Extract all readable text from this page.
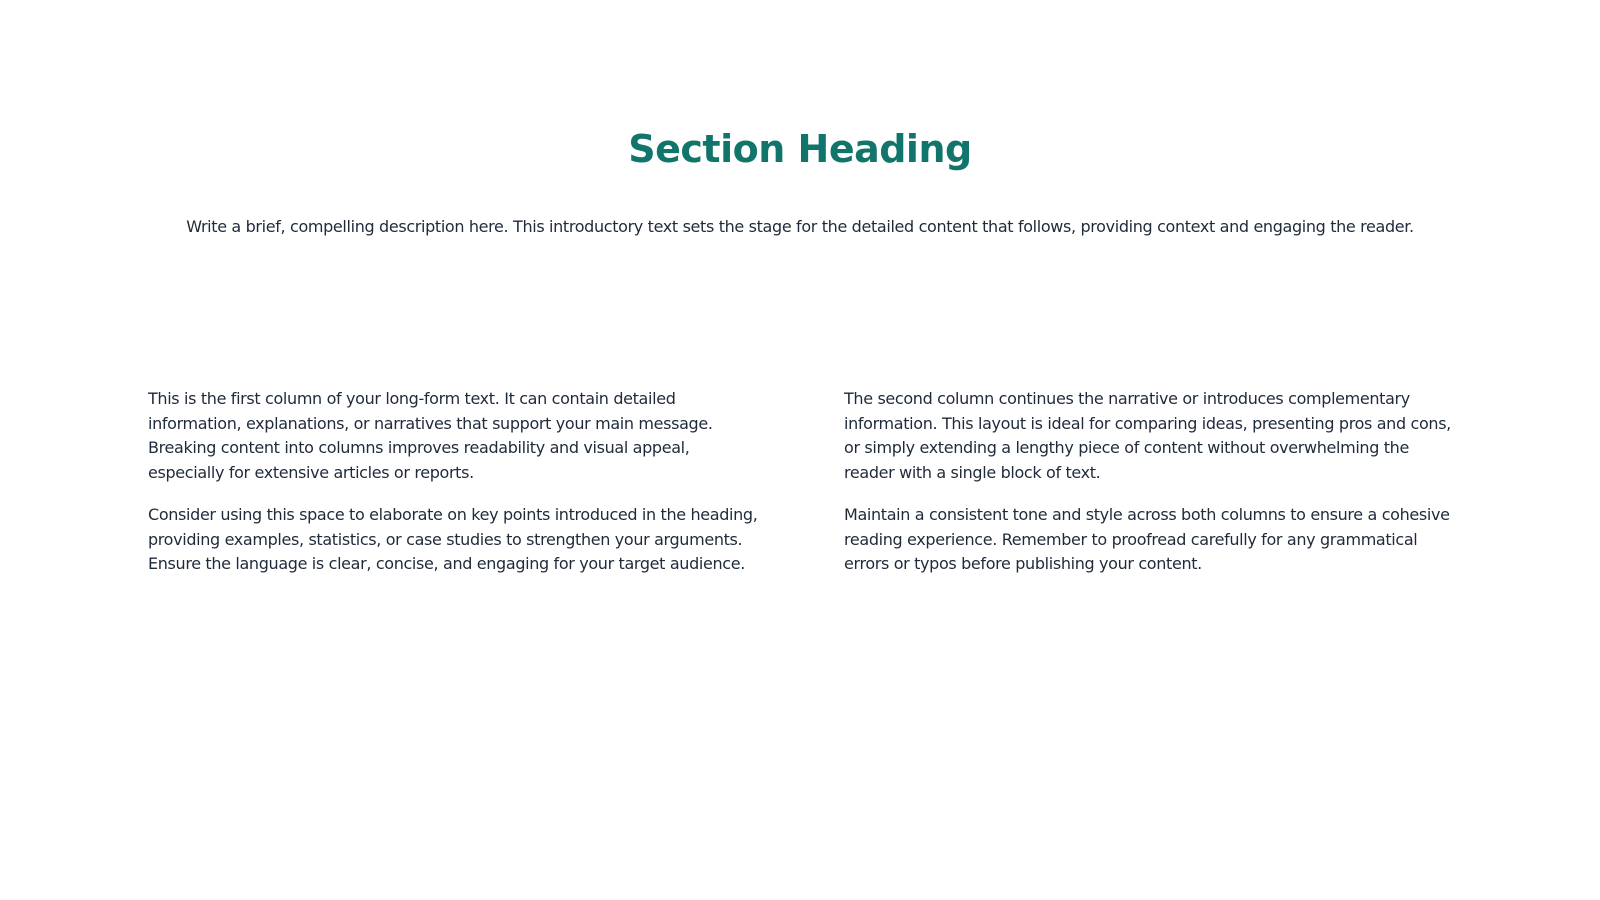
Section Heading

Write a brief, compelling description here. This introductory text sets the stage for the detailed content that follows, providing context and engaging the reader.

This is the first column of your long-form text. It can contain detailed information, explanations, or narratives that support your main message. Breaking content into columns improves readability and visual appeal, especially for extensive articles or reports.

Consider using this space to elaborate on key points introduced in the heading, providing examples, statistics, or case studies to strengthen your arguments. Ensure the language is clear, concise, and engaging for your target audience.

The second column continues the narrative or introduces complementary information. This layout is ideal for comparing ideas, presenting pros and cons, or simply extending a lengthy piece of content without overwhelming the reader with a single block of text.

Maintain a consistent tone and style across both columns to ensure a cohesive reading experience. Remember to proofread carefully for any grammatical errors or typos before publishing your content.
